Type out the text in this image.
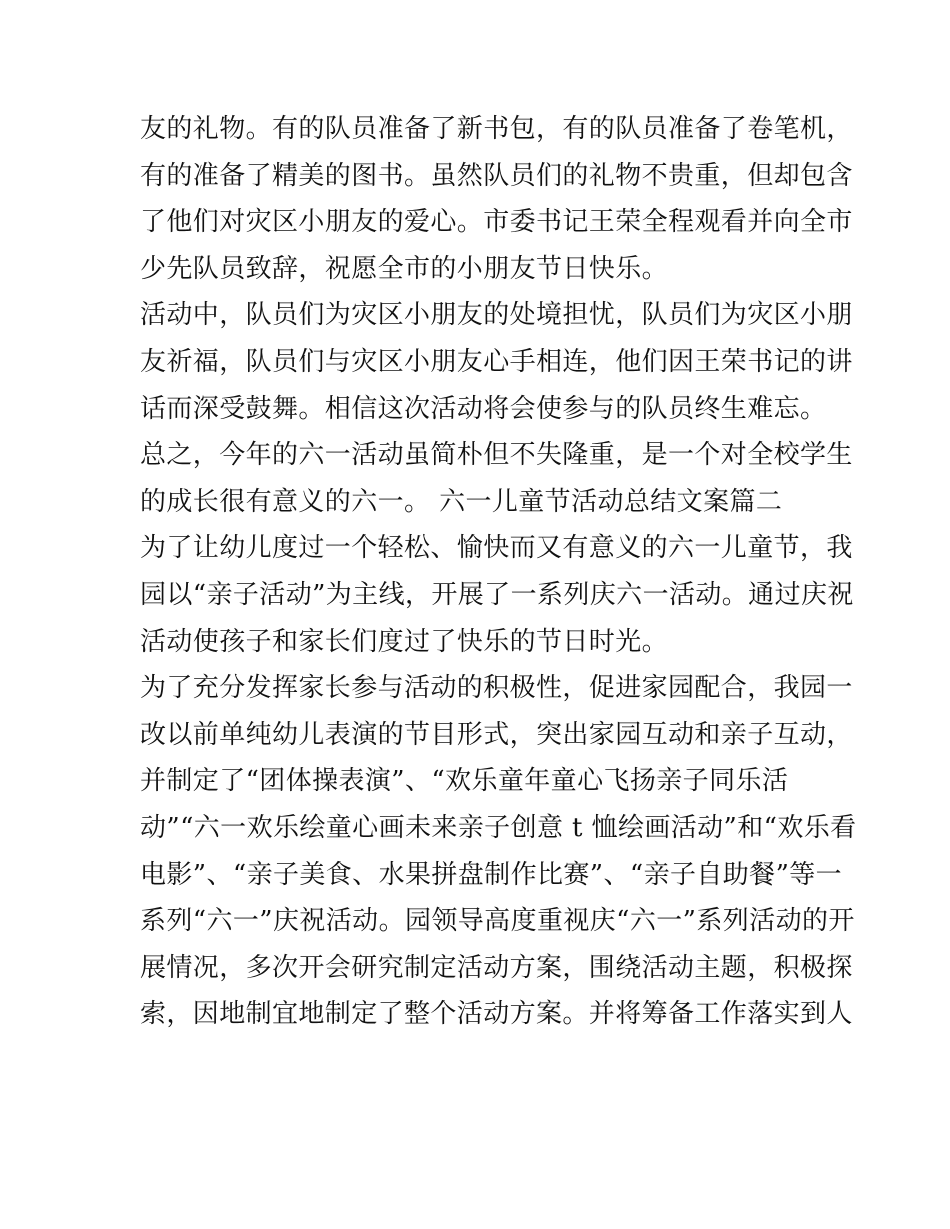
友的礼物。有的队员准备了新书包，有的队员准备了卷笔机，
有的准备了精美的图书。虽然队员们的礼物不贵重，但却包含
了他们对灾区小朋友的爱心。市委书记王荣全程观看并向全市
少先队员致辞，祝愿全市的小朋友节日快乐。
活动中，队员们为灾区小朋友的处境担忧，队员们为灾区小朋
友祈福，队员们与灾区小朋友心手相连，他们因王荣书记的讲
话而深受鼓舞。相信这次活动将会使参与的队员终生难忘。
总之，今年的六一活动虽简朴但不失隆重，是一个对全校学生
的成长很有意义的六一。 六一儿童节活动总结文案篇二
为了让幼儿度过一个轻松、愉快而又有意义的六一儿童节，我
园以“亲子活动”为主线，开展了一系列庆六一活动。通过庆祝
活动使孩子和家长们度过了快乐的节日时光。
为了充分发挥家长参与活动的积极性，促进家园配合，我园一
改以前单纯幼儿表演的节目形式，突出家园互动和亲子互动，
并制定了“团体操表演”、“欢乐童年童心飞扬亲子同乐活
动”“六一欢乐绘童心画未来亲子创意 t 恤绘画活动”和“欢乐看
电影”、“亲子美食、水果拼盘制作比赛”、“亲子自助餐”等一
系列“六一”庆祝活动。园领导高度重视庆“六一”系列活动的开
展情况，多次开会研究制定活动方案，围绕活动主题，积极探
索，因地制宜地制定了整个活动方案。并将筹备工作落实到人
